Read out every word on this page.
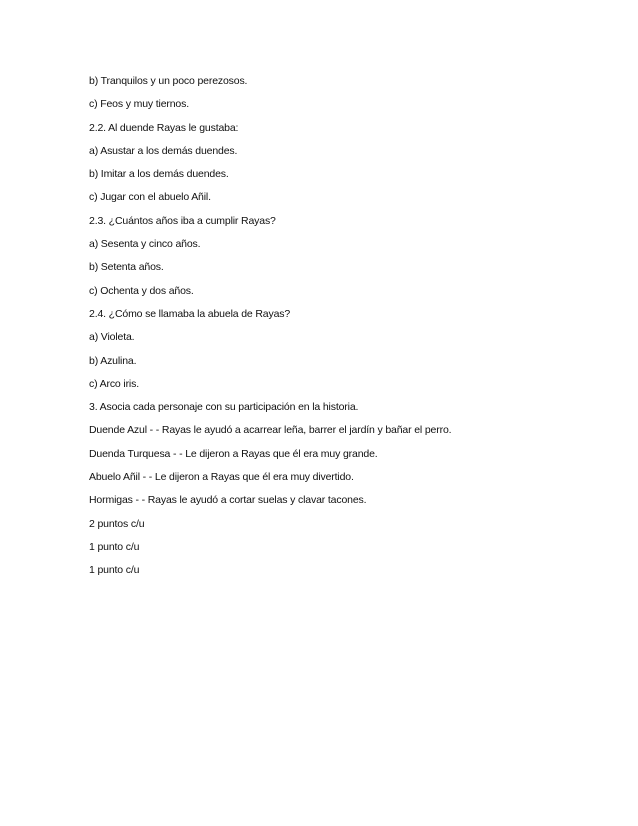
b) Tranquilos y un poco perezosos.
c) Feos y muy tiernos.
2.2. Al duende Rayas le gustaba:
a) Asustar a los demás duendes.
b) Imitar a los demás duendes.
c) Jugar con el abuelo Añil.
2.3. ¿Cuántos años iba a cumplir Rayas?
a) Sesenta y cinco años.
b) Setenta años.
c) Ochenta y dos años.
2.4. ¿Cómo se llamaba la abuela de Rayas?
a) Violeta.
b) Azulina.
c) Arco iris.
3. Asocia cada personaje con su participación en la historia.
Duende Azul - - Rayas le ayudó a acarrear leña, barrer el jardín y bañar el perro.
Duenda Turquesa - - Le dijeron a Rayas que él era muy grande.
Abuelo Añil - - Le dijeron a Rayas que él era muy divertido.
Hormigas - - Rayas le ayudó a cortar suelas y clavar tacones.
2 puntos c/u
1 punto c/u
1 punto c/u
